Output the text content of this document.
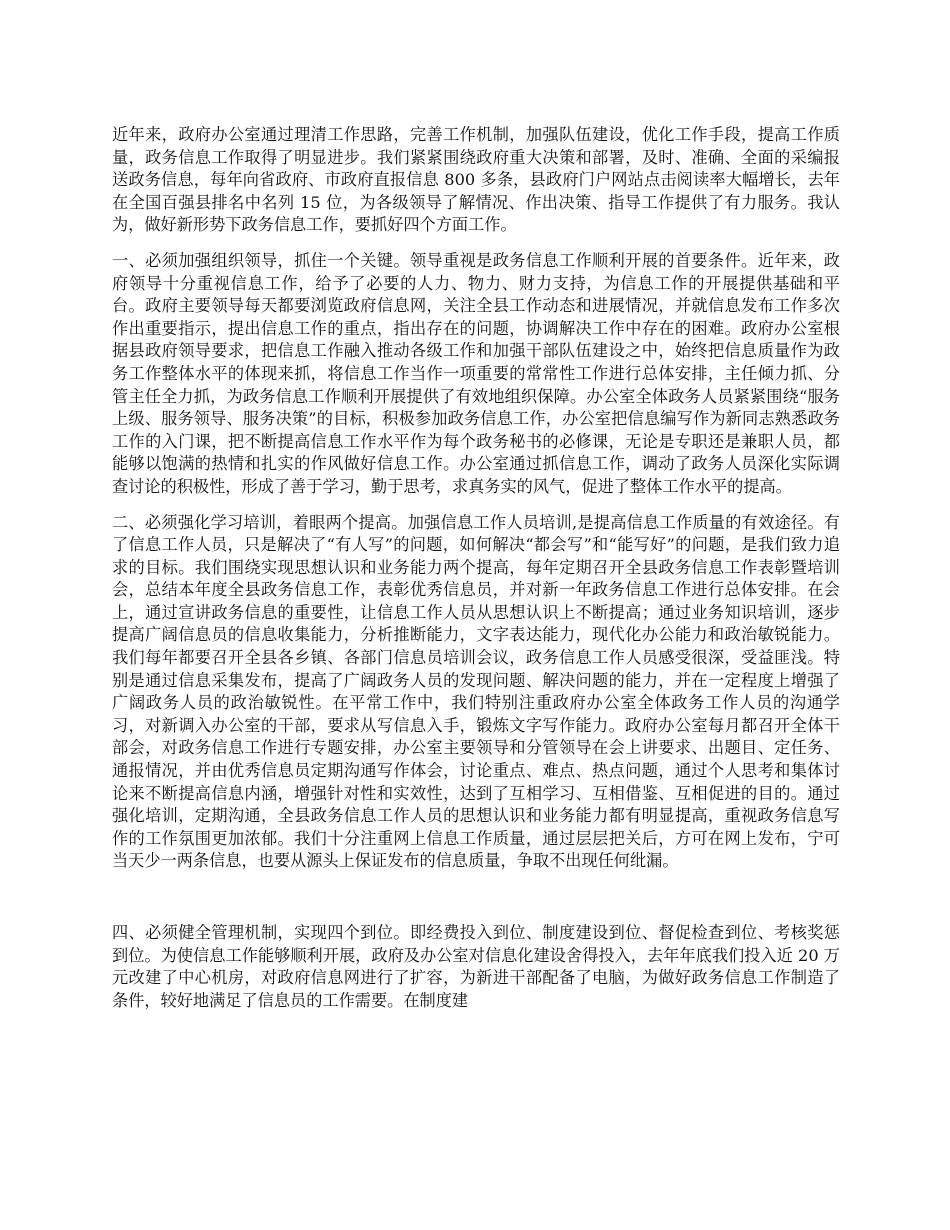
近年来，政府办公室通过理清工作思路，完善工作机制，加强队伍建设，优化工作手段，提高工作质量，政务信息工作取得了明显进步。我们紧紧围绕政府重大决策和部署，及时、准确、全面的采编报送政务信息，每年向省政府、市政府直报信息 800 多条，县政府门户网站点击阅读率大幅增长，去年在全国百强县排名中名列 15 位，为各级领导了解情况、作出决策、指导工作提供了有力服务。我认为，做好新形势下政务信息工作，要抓好四个方面工作。

一、必须加强组织领导，抓住一个关键。领导重视是政务信息工作顺利开展的首要条件。近年来，政府领导十分重视信息工作，给予了必要的人力、物力、财力支持，为信息工作的开展提供基础和平台。政府主要领导每天都要浏览政府信息网，关注全县工作动态和进展情况，并就信息发布工作多次作出重要指示，提出信息工作的重点，指出存在的问题，协调解决工作中存在的困难。政府办公室根据县政府领导要求，把信息工作融入推动各级工作和加强干部队伍建设之中，始终把信息质量作为政务工作整体水平的体现来抓，将信息工作当作一项重要的常常性工作进行总体安排，主任倾力抓、分管主任全力抓，为政务信息工作顺利开展提供了有效地组织保障。办公室全体政务人员紧紧围绕“服务上级、服务领导、服务决策”的目标，积极参加政务信息工作，办公室把信息编写作为新同志熟悉政务工作的入门课，把不断提高信息工作水平作为每个政务秘书的必修课，无论是专职还是兼职人员，都能够以饱满的热情和扎实的作风做好信息工作。办公室通过抓信息工作，调动了政务人员深化实际调查讨论的积极性，形成了善于学习，勤于思考，求真务实的风气，促进了整体工作水平的提高。

二、必须强化学习培训，着眼两个提高。加强信息工作人员培训,是提高信息工作质量的有效途径。有了信息工作人员，只是解决了“有人写”的问题，如何解决“都会写”和“能写好”的问题，是我们致力追求的目标。我们围绕实现思想认识和业务能力两个提高，每年定期召开全县政务信息工作表彰暨培训会，总结本年度全县政务信息工作，表彰优秀信息员，并对新一年政务信息工作进行总体安排。在会上，通过宣讲政务信息的重要性，让信息工作人员从思想认识上不断提高；通过业务知识培训，逐步提高广阔信息员的信息收集能力，分析推断能力，文字表达能力，现代化办公能力和政治敏锐能力。我们每年都要召开全县各乡镇、各部门信息员培训会议，政务信息工作人员感受很深，受益匪浅。特别是通过信息采集发布，提高了广阔政务人员的发现问题、解决问题的能力，并在一定程度上增强了广阔政务人员的政治敏锐性。在平常工作中，我们特别注重政府办公室全体政务工作人员的沟通学习，对新调入办公室的干部，要求从写信息入手，锻炼文字写作能力。政府办公室每月都召开全体干部会，对政务信息工作进行专题安排，办公室主要领导和分管领导在会上讲要求、出题目、定任务、通报情况，并由优秀信息员定期沟通写作体会，讨论重点、难点、热点问题，通过个人思考和集体讨论来不断提高信息内涵，增强针对性和实效性，达到了互相学习、互相借鉴、互相促进的目的。通过强化培训，定期沟通，全县政务信息工作人员的思想认识和业务能力都有明显提高，重视政务信息写作的工作氛围更加浓郁。我们十分注重网上信息工作质量，通过层层把关后，方可在网上发布，宁可当天少一两条信息，也要从源头上保证发布的信息质量，争取不出现任何纰漏。

四、必须健全管理机制，实现四个到位。即经费投入到位、制度建设到位、督促检查到位、考核奖惩到位。为使信息工作能够顺利开展，政府及办公室对信息化建设舍得投入，去年年底我们投入近 20 万元改建了中心机房，对政府信息网进行了扩容，为新进干部配备了电脑，为做好政务信息工作制造了条件，较好地满足了信息员的工作需要。在制度建
